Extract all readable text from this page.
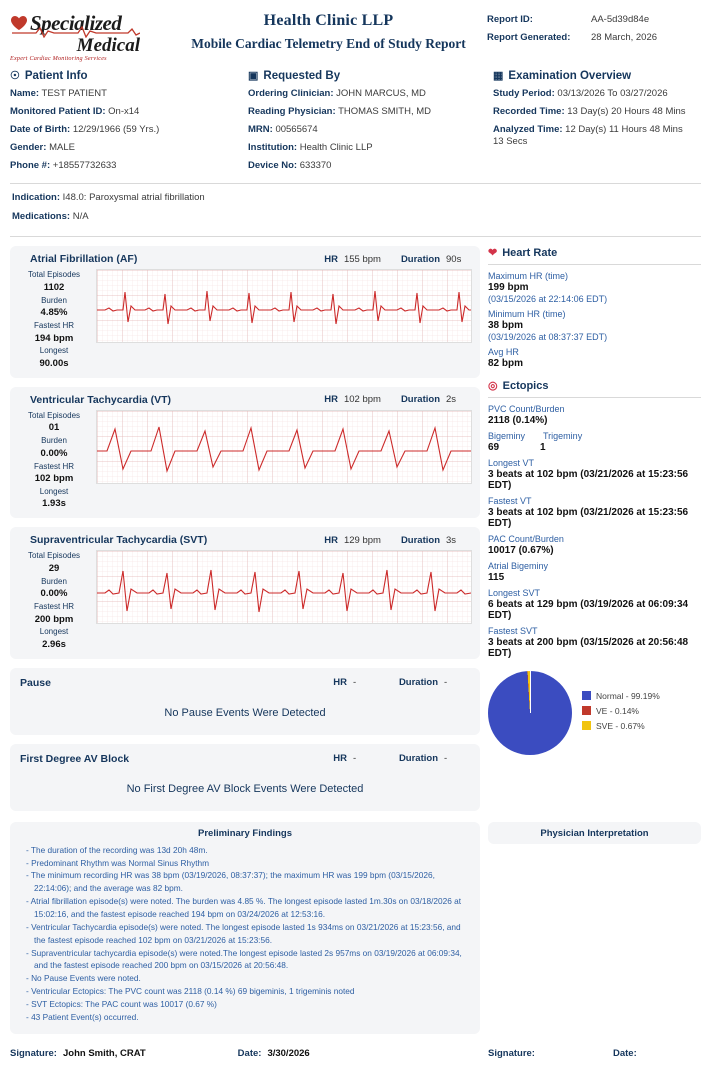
Specialized
Medical
Expert Cardiac Monitoring Services
Health Clinic LLP
Mobile Cardiac Telemetry End of Study Report
Report ID:	AA-5d39d84e
Report Generated:	28 March, 2026
☉ Patient Info
Name: TEST PATIENT
Monitored Patient ID: On-x14
Date of Birth: 12/29/1966 (59 Yrs.)
Gender: MALE
Phone #: +18557732633
▣ Requested By
Ordering Clinician: JOHN MARCUS, MD
Reading Physician: THOMAS SMITH, MD
MRN: 00565674
Institution: Health Clinic LLP
Device No: 633370
▦ Examination Overview
Study Period: 03/13/2026 To 03/27/2026
Recorded Time: 13 Day(s) 20 Hours 48 Mins
Analyzed Time: 12 Day(s) 11 Hours 48 Mins 13 Secs
Indication: I48.0: Paroxysmal atrial fibrillation
Medications: N/A
Atrial Fibrillation (AF)	HR 155 bpm Duration 90s
Total Episodes
1102
Burden
4.85%
Fastest HR
194 bpm
Longest
90.00s
Ventricular Tachycardia (VT)	HR 102 bpm Duration 2s
Total Episodes
01
Burden
0.00%
Fastest HR
102 bpm
Longest
1.93s
Supraventricular Tachycardia (SVT)	HR 129 bpm Duration 3s
Total Episodes
29
Burden
0.00%
Fastest HR
200 bpm
Longest
2.96s
Pause	HR -	Duration -
No Pause Events Were Detected
First Degree AV Block	HR -	Duration -
No First Degree AV Block Events Were Detected
❤ Heart Rate
Maximum HR (time)
199 bpm
(03/15/2026 at 22:14:06 EDT)
Minimum HR (time)
38 bpm
(03/19/2026 at 08:37:37 EDT)
Avg HR
82 bpm
◎ Ectopics
PVC Count/Burden
2118 (0.14%)
Bigeminy Trigeminy
69	1
Longest VT
3 beats at 102 bpm (03/21/2026 at 15:23:56 EDT)
Fastest VT
3 beats at 102 bpm (03/21/2026 at 15:23:56 EDT)
PAC Count/Burden
10017 (0.67%)
Atrial Bigeminy
115
Longest SVT
6 beats at 129 bpm (03/19/2026 at 06:09:34 EDT)
Fastest SVT
3 beats at 200 bpm (03/15/2026 at 20:56:48 EDT)
Normal - 99.19%
VE - 0.14%
SVE - 0.67%
Preliminary Findings
- The duration of the recording was 13d 20h 48m.
- Predominant Rhythm was Normal Sinus Rhythm
- The minimum recording HR was 38 bpm (03/19/2026, 08:37:37); the maximum HR was 199 bpm (03/15/2026, 22:14:06); and the average was 82 bpm.
- Atrial fibrillation episode(s) were noted. The burden was 4.85 %. The longest episode lasted 1m.30s on 03/18/2026 at 15:02:16, and the fastest episode reached 194 bpm on 03/24/2026 at 12:53:16.
- Ventricular Tachycardia episode(s) were noted. The longest episode lasted 1s 934ms on 03/21/2026 at 15:23:56, and the fastest episode reached 102 bpm on 03/21/2026 at 15:23:56.
- Supraventricular tachycardia episode(s) were noted.The longest episode lasted 2s 957ms on 03/19/2026 at 06:09:34, and the fastest episode reached 200 bpm on 03/15/2026 at 20:56:48.
- No Pause Events were noted.
- Ventricular Ectopics: The PVC count was 2118 (0.14 %) 69 bigeminis, 1 trigeminis noted
- SVT Ectopics: The PAC count was 10017 (0.67 %)
- 43 Patient Event(s) occurred.
Physician Interpretation
Signature: John Smith, CRAT	Date: 3/30/2026	Signature:	Date:
